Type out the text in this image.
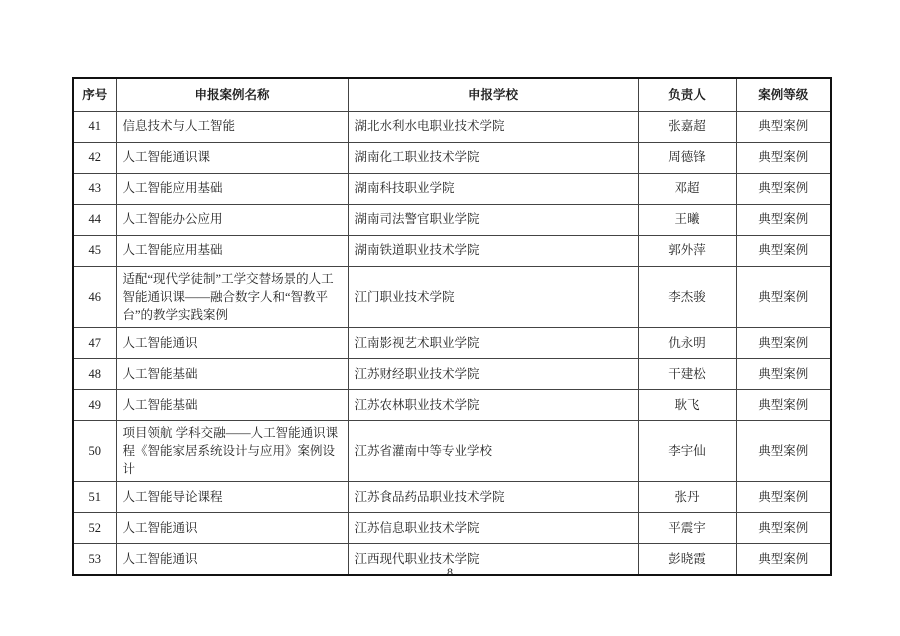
序号	申报案例名称	申报学校	负责人	案例等级
41	信息技术与人工智能	湖北水利水电职业技术学院	张嘉超	典型案例
42	人工智能通识课	湖南化工职业技术学院	周德锋	典型案例
43	人工智能应用基础	湖南科技职业学院	邓超	典型案例
44	人工智能办公应用	湖南司法警官职业学院	王曦	典型案例
45	人工智能应用基础	湖南铁道职业技术学院	郭外萍	典型案例
46	适配“现代学徒制”工学交替场景的人工智能通识课——融合数字人和“智教平台”的教学实践案例	江门职业技术学院	李杰骏	典型案例
47	人工智能通识	江南影视艺术职业学院	仇永明	典型案例
48	人工智能基础	江苏财经职业技术学院	干建松	典型案例
49	人工智能基础	江苏农林职业技术学院	耿飞	典型案例
50	项目领航 学科交融——人工智能通识课程《智能家居系统设计与应用》案例设计	江苏省灌南中等专业学校	李宇仙	典型案例
51	人工智能导论课程	江苏食品药品职业技术学院	张丹	典型案例
52	人工智能通识	江苏信息职业技术学院	平震宇	典型案例
53	人工智能通识	江西现代职业技术学院	彭晓霞	典型案例
8
